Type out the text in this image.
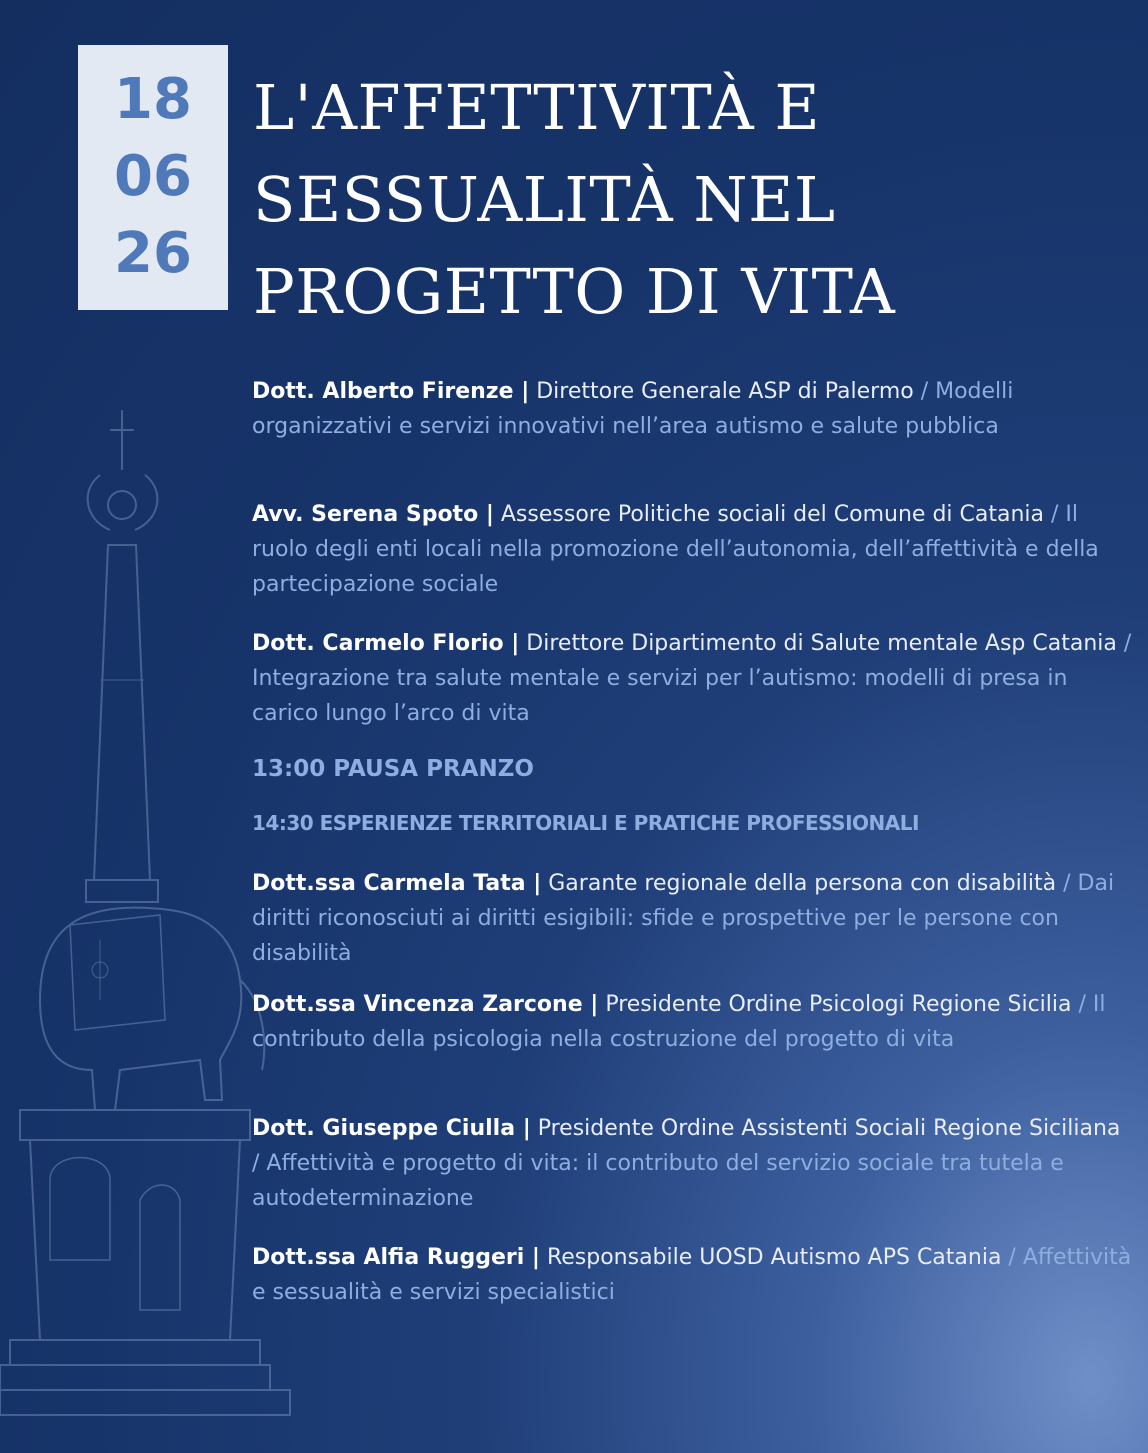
18
06
26
L'AFFETTIVITÀ E
SESSUALITÀ NEL
PROGETTO DI VITA
Dott. Alberto Firenze | Direttore Generale ASP di Palermo / Modelli organizzativi e servizi innovativi nell’area autismo e salute pubblica
Avv. Serena Spoto | Assessore Politiche sociali del Comune di Catania / Il ruolo degli enti locali nella promozione dell’autonomia, dell’affettività e della partecipazione sociale
Dott. Carmelo Florio | Direttore Dipartimento di Salute mentale Asp Catania / Integrazione tra salute mentale e servizi per l’autismo: modelli di presa in carico lungo l’arco di vita
13:00 PAUSA PRANZO
14:30 ESPERIENZE TERRITORIALI E PRATICHE PROFESSIONALI
Dott.ssa Carmela Tata | Garante regionale della persona con disabilità / Dai diritti riconosciuti ai diritti esigibili: sfide e prospettive per le persone con disabilità
Dott.ssa Vincenza Zarcone | Presidente Ordine Psicologi Regione Sicilia / Il contributo della psicologia nella costruzione del progetto di vita
Dott. Giuseppe Ciulla | Presidente Ordine Assistenti Sociali Regione Siciliana / Affettività e progetto di vita: il contributo del servizio sociale tra tutela e autodeterminazione
Dott.ssa Alfia Ruggeri | Responsabile UOSD Autismo APS Catania / Affettività e sessualità e servizi specialistici
